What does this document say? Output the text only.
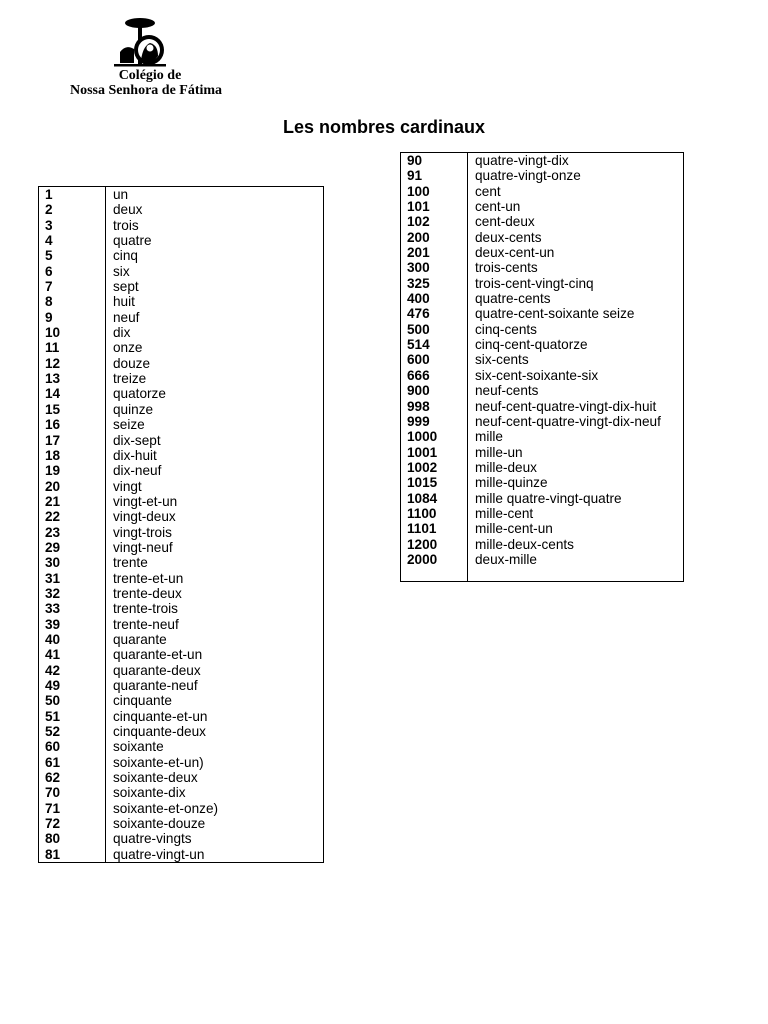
Colégio de
Nossa Senhora de Fátima
Les nombres cardinaux
1	un
2	deux
3	trois
4	quatre
5	cinq
6	six
7	sept
8	huit
9	neuf
10	dix
11	onze
12	douze
13	treize
14	quatorze
15	quinze
16	seize
17	dix-sept
18	dix-huit
19	dix-neuf
20	vingt
21	vingt-et-un
22	vingt-deux
23	vingt-trois
29	vingt-neuf
30	trente
31	trente-et-un
32	trente-deux
33	trente-trois
39	trente-neuf
40	quarante
41	quarante-et-un
42	quarante-deux
49	quarante-neuf
50	cinquante
51	cinquante-et-un
52	cinquante-deux
60	soixante
61	soixante-et-un)
62	soixante-deux
70	soixante-dix
71	soixante-et-onze)
72	soixante-douze
80	quatre-vingts
81	quatre-vingt-un
90	quatre-vingt-dix
91	quatre-vingt-onze
100	cent
101	cent-un
102	cent-deux
200	deux-cents
201	deux-cent-un
300	trois-cents
325	trois-cent-vingt-cinq
400	quatre-cents
476	quatre-cent-soixante seize
500	cinq-cents
514	cinq-cent-quatorze
600	six-cents
666	six-cent-soixante-six
900	neuf-cents
998	neuf-cent-quatre-vingt-dix-huit
999	neuf-cent-quatre-vingt-dix-neuf
1000	mille
1001	mille-un
1002	mille-deux
1015	mille-quinze
1084	mille quatre-vingt-quatre
1100	mille-cent
1101	mille-cent-un
1200	mille-deux-cents
2000	deux-mille
